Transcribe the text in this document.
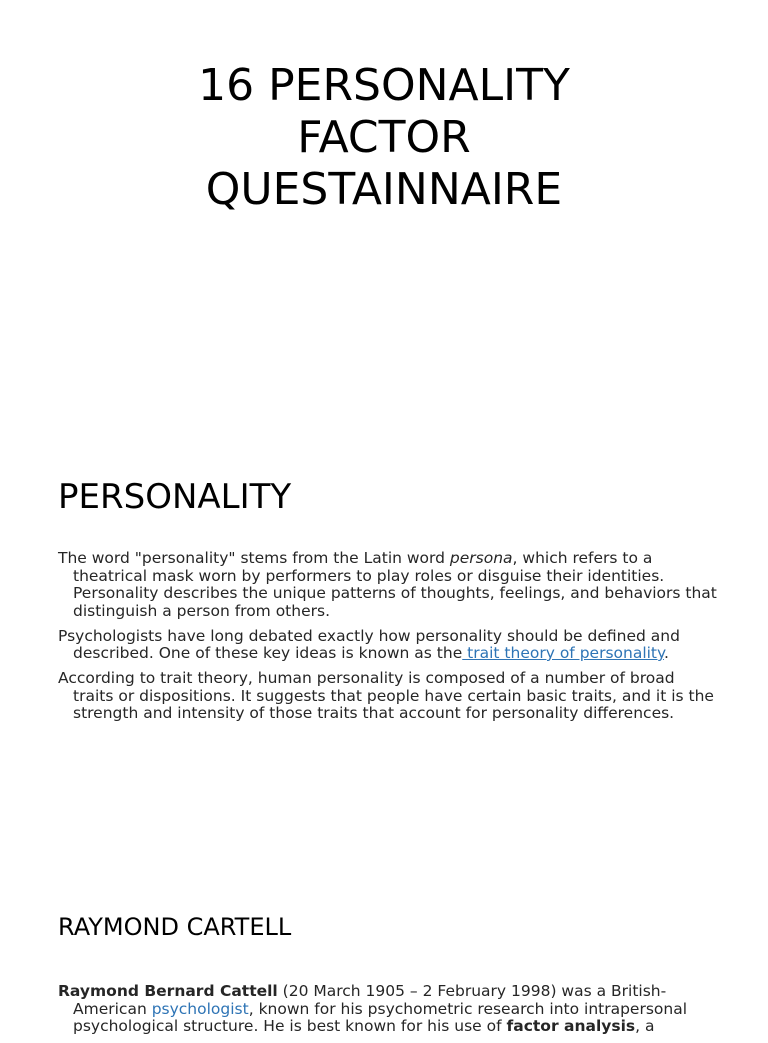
16 PERSONALITY
FACTOR
QUESTAINNAIRE
PERSONALITY

The word "personality" stems from the Latin word persona, which refers to a theatrical mask worn by performers to play roles or disguise their identities. Personality describes the unique patterns of thoughts, feelings, and behaviors that distinguish a person from others.

Psychologists have long debated exactly how personality should be defined and described. One of these key ideas is known as the trait theory of personality.

According to trait theory, human personality is composed of a number of broad traits or dispositions. It suggests that people have certain basic traits, and it is the strength and intensity of those traits that account for personality differences.

RAYMOND CARTELL

Raymond Bernard Cattell (20 March 1905 – 2 February 1998) was a British-American psychologist, known for his psychometric research into intrapersonal psychological structure. He is best known for his use of factor analysis, a
